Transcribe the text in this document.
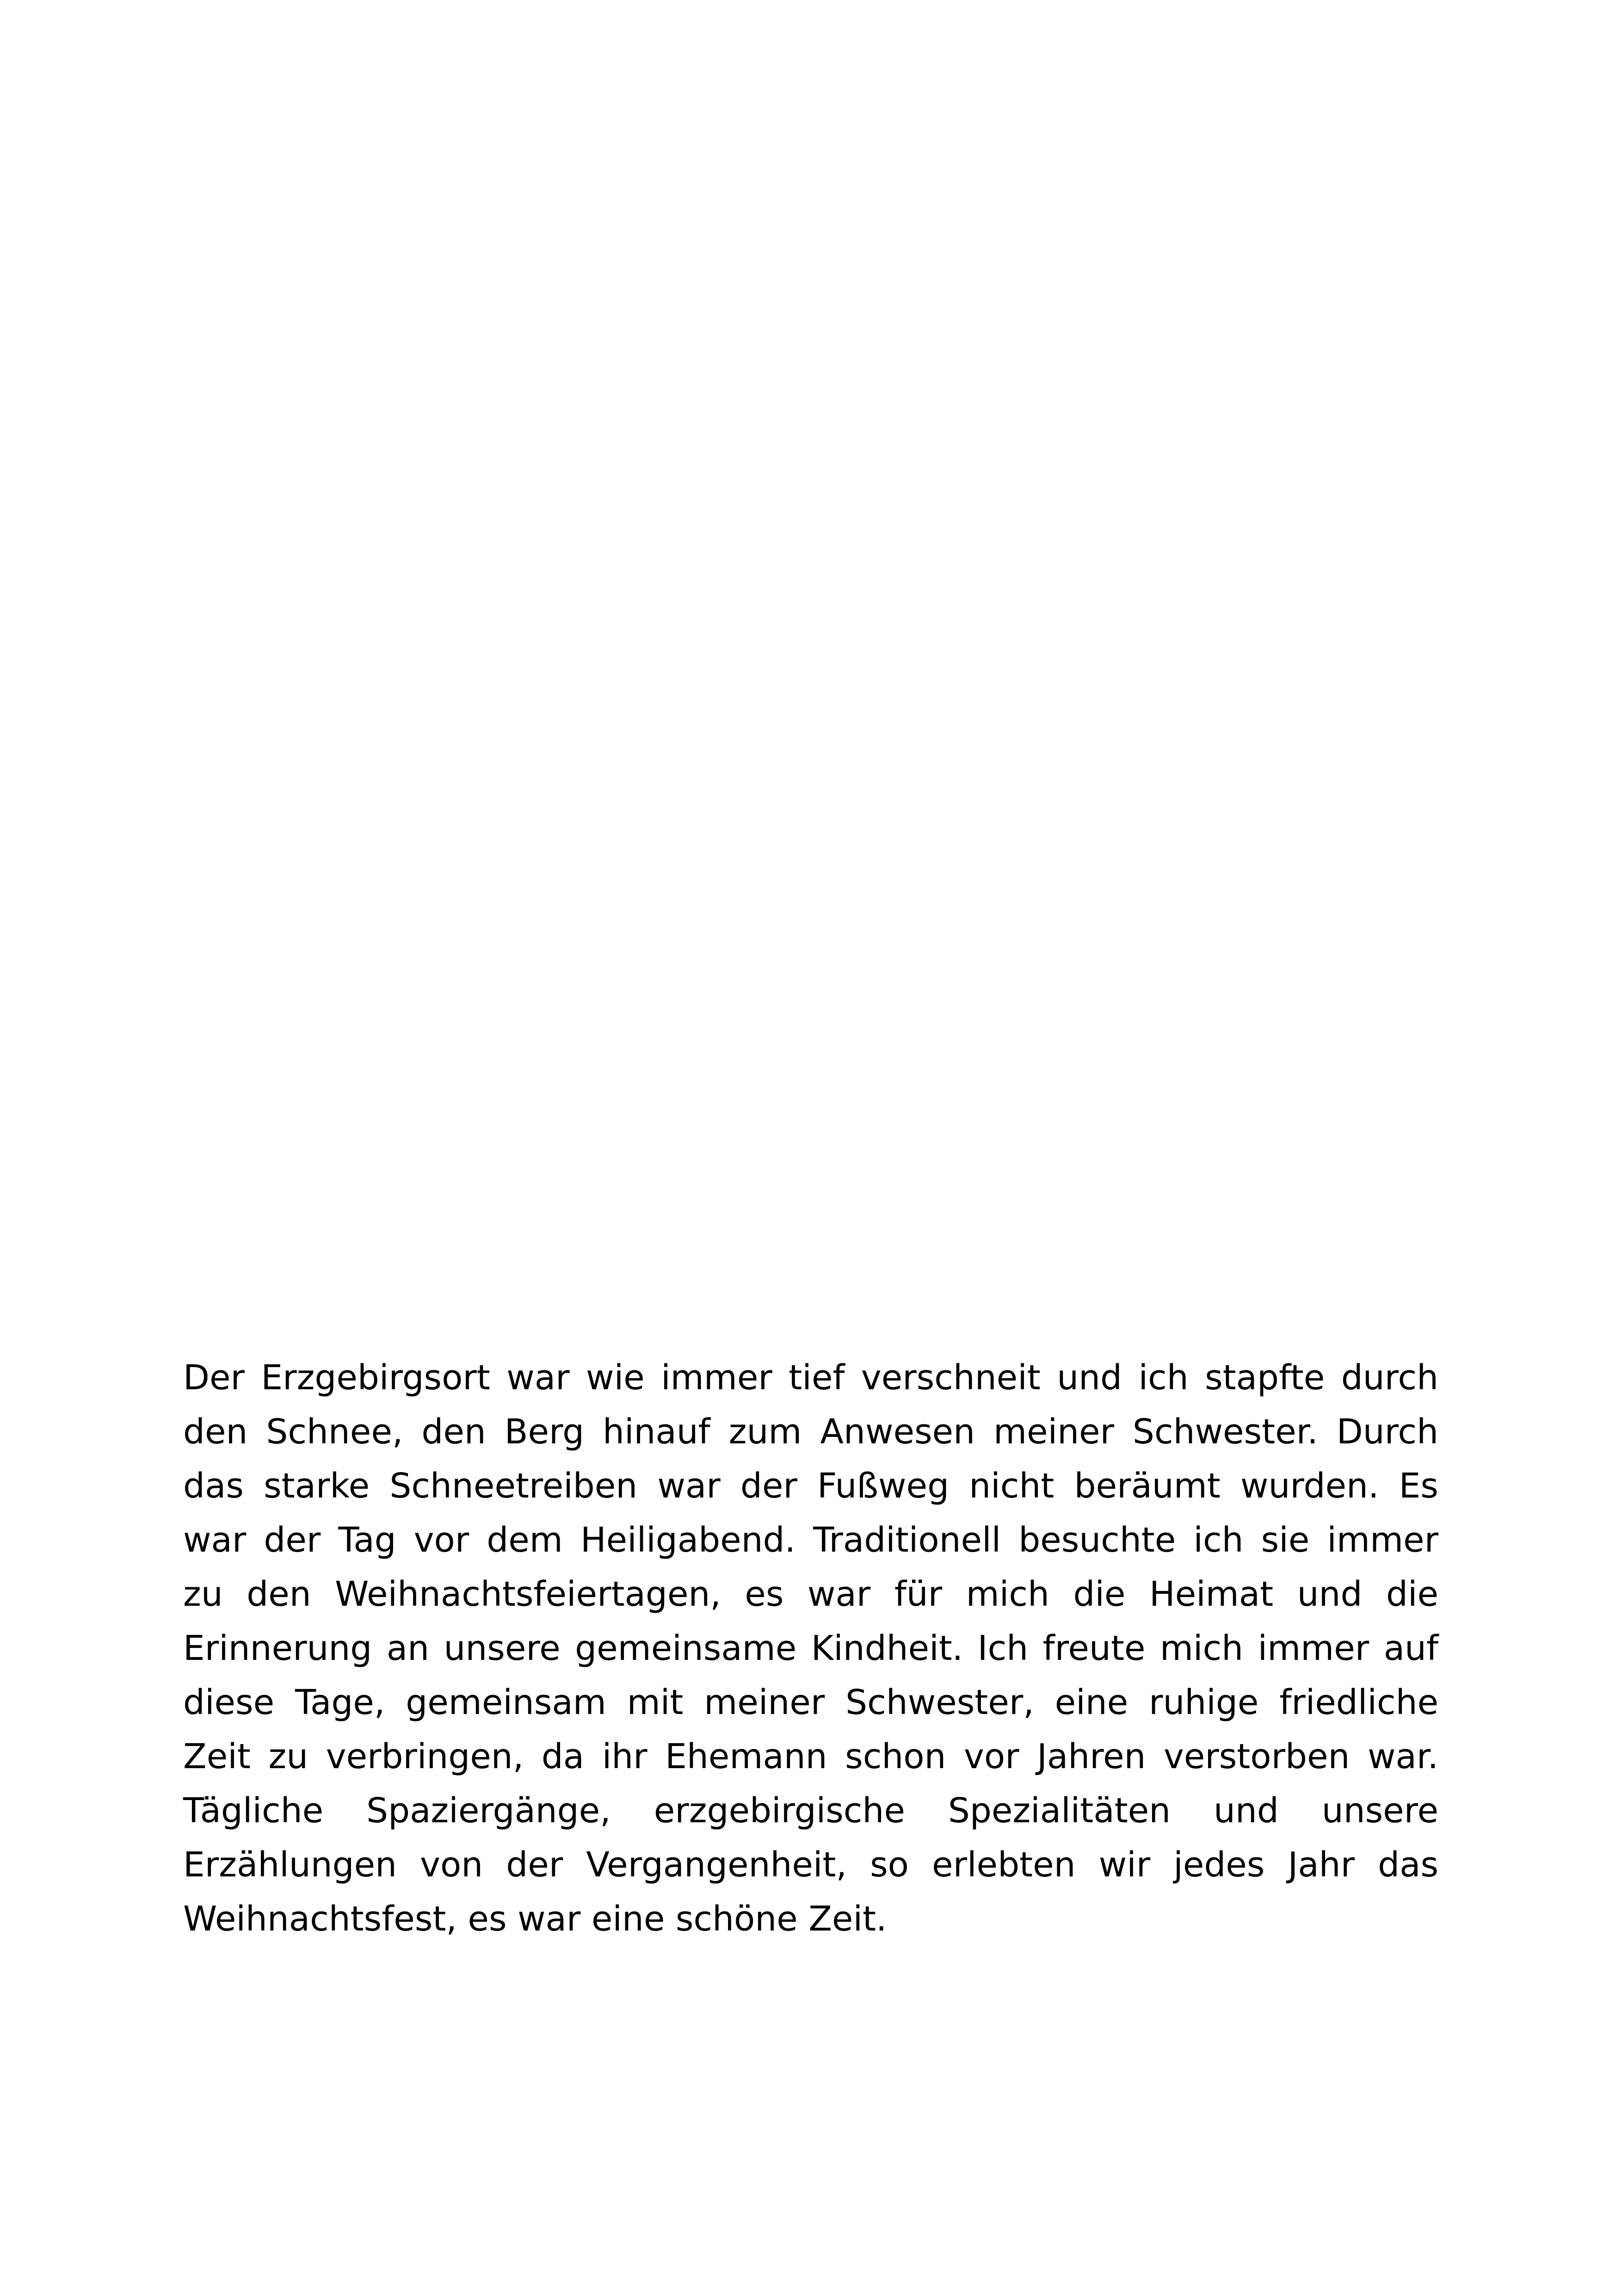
Der Erzgebirgsort war wie immer tief verschneit und ich stapfte durch
den Schnee, den Berg hinauf zum Anwesen meiner Schwester. Durch
das starke Schneetreiben war der Fußweg nicht beräumt wurden. Es
war der Tag vor dem Heiligabend. Traditionell besuchte ich sie immer
zu den Weihnachtsfeiertagen, es war für mich die Heimat und die
Erinnerung an unsere gemeinsame Kindheit. Ich freute mich immer auf
diese Tage, gemeinsam mit meiner Schwester, eine ruhige friedliche
Zeit zu verbringen, da ihr Ehemann schon vor Jahren verstorben war.
Tägliche Spaziergänge, erzgebirgische Spezialitäten und unsere
Erzählungen von der Vergangenheit, so erlebten wir jedes Jahr das
Weihnachtsfest, es war eine schöne Zeit.
